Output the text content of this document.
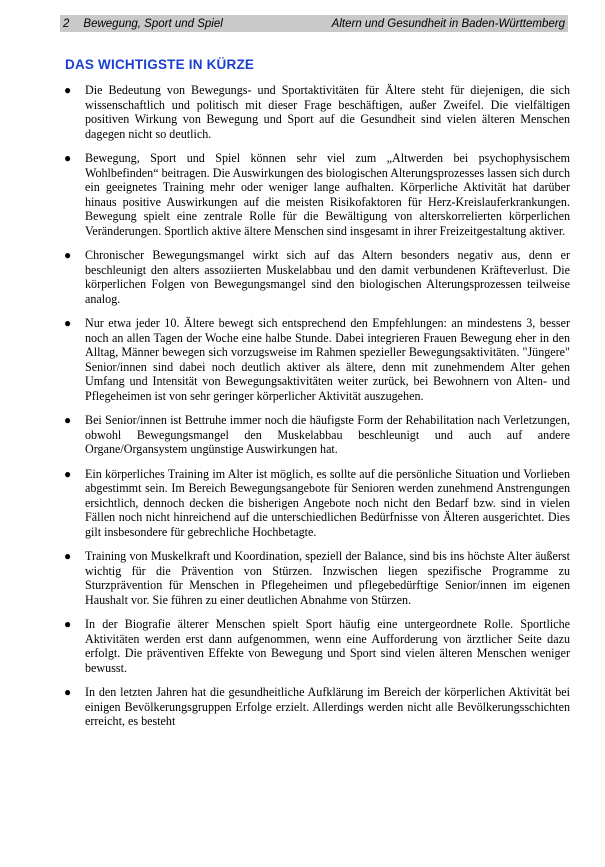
2 Bewegung, Sport und Spiel	Altern und Gesundheit in Baden-Württemberg
DAS WICHTIGSTE IN KÜRZE
● Die Bedeutung von Bewegungs- und Sportaktivitäten für Ältere steht für diejenigen, die sich wissenschaftlich und politisch mit dieser Frage beschäftigen, außer Zweifel. Die vielfältigen positiven Wirkung von Bewegung und Sport auf die Gesundheit sind vielen älteren Menschen dagegen nicht so deutlich.
● Bewegung, Sport und Spiel können sehr viel zum „Altwerden bei psychophysischem Wohlbefinden“ beitragen. Die Auswirkungen des biologischen Alterungsprozesses lassen sich durch ein geeignetes Training mehr oder weniger lange aufhalten. Körperliche Aktivität hat darüber hinaus positive Auswirkungen auf die meisten Risikofaktoren für Herz-Kreislauferkrankungen. Bewegung spielt eine zentrale Rolle für die Bewältigung von alterskorrelierten körperlichen Veränderungen. Sportlich aktive ältere Menschen sind insgesamt in ihrer Freizeitgestaltung aktiver.
● Chronischer Bewegungsmangel wirkt sich auf das Altern besonders negativ aus, denn er beschleunigt den alters assoziierten Muskelabbau und den damit verbundenen Kräfteverlust. Die körperlichen Folgen von Bewegungsmangel sind den biologischen Alterungsprozessen teilweise analog.
● Nur etwa jeder 10. Ältere bewegt sich entsprechend den Empfehlungen: an mindestens 3, besser noch an allen Tagen der Woche eine halbe Stunde. Dabei integrieren Frauen Bewegung eher in den Alltag, Männer bewegen sich vorzugsweise im Rahmen spezieller Bewegungsaktivitäten. "Jüngere" Senior/innen sind dabei noch deutlich aktiver als ältere, denn mit zunehmendem Alter gehen Umfang und Intensität von Bewegungsaktivitäten weiter zurück, bei Bewohnern von Alten- und Pflegeheimen ist von sehr geringer körperlicher Aktivität auszugehen.
● Bei Senior/innen ist Bettruhe immer noch die häufigste Form der Rehabilitation nach Verletzungen, obwohl Bewegungsmangel den Muskelabbau beschleunigt und auch auf andere Organe/Organsystem ungünstige Auswirkungen hat.
● Ein körperliches Training im Alter ist möglich, es sollte auf die persönliche Situation und Vorlieben abgestimmt sein. Im Bereich Bewegungsangebote für Senioren werden zunehmend Anstrengungen ersichtlich, dennoch decken die bisherigen Angebote noch nicht den Bedarf bzw. sind in vielen Fällen noch nicht hinreichend auf die unterschiedlichen Bedürfnisse von Älteren ausgerichtet. Dies gilt insbesondere für gebrechliche Hochbetagte.
● Training von Muskelkraft und Koordination, speziell der Balance, sind bis ins höchste Alter äußerst wichtig für die Prävention von Stürzen. Inzwischen liegen spezifische Programme zu Sturzprävention für Menschen in Pflegeheimen und pflegebedürftige Senior/innen im eigenen Haushalt vor. Sie führen zu einer deutlichen Abnahme von Stürzen.
● In der Biografie älterer Menschen spielt Sport häufig eine untergeordnete Rolle. Sportliche Aktivitäten werden erst dann aufgenommen, wenn eine Aufforderung von ärztlicher Seite dazu erfolgt. Die präventiven Effekte von Bewegung und Sport sind vielen älteren Menschen weniger bewusst.
● In den letzten Jahren hat die gesundheitliche Aufklärung im Bereich der körperlichen Aktivität bei einigen Bevölkerungsgruppen Erfolge erzielt. Allerdings werden nicht alle Bevölkerungsschichten erreicht, es besteht
